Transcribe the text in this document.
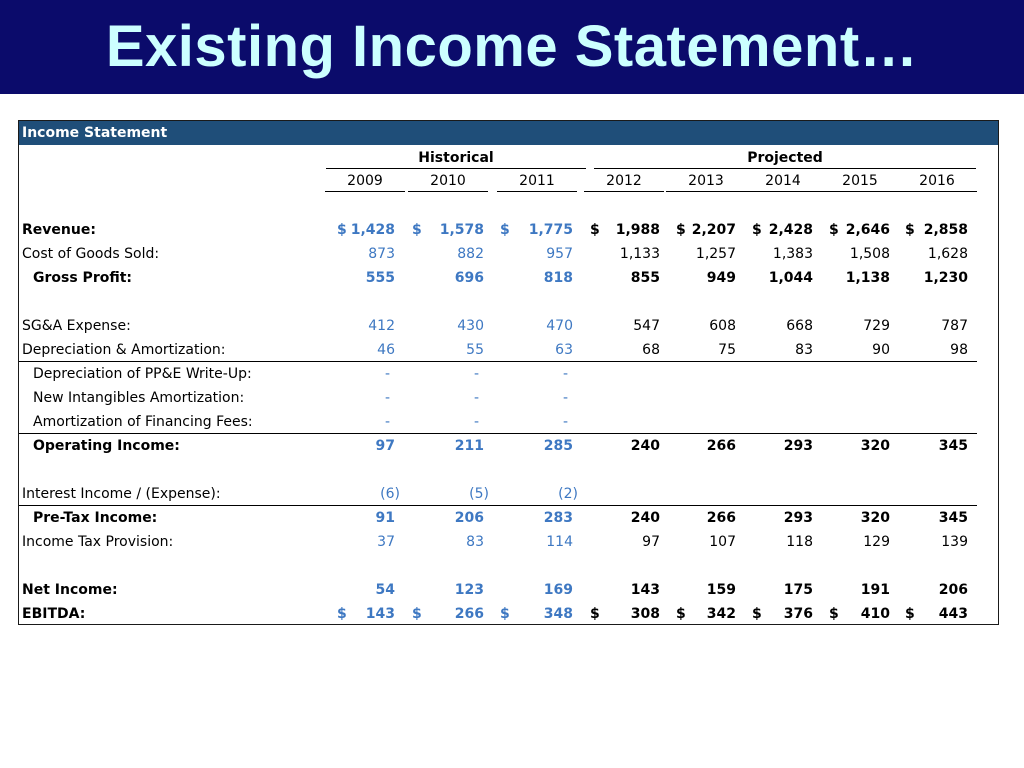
Existing Income Statement…
Income Statement
Historical	Projected
2009	2010	2011	2012	2013	2014	2015	2016
Revenue:	$ 1,428 $ 1,578 $ 1,775 $ 1,988 $ 2,207 $ 2,428 $ 2,646 $ 2,858
Cost of Goods Sold:	873	882	957	1,133	1,257	1,383	1,508	1,628
Gross Profit:	555	696	818	855	949 1,044 1,138 1,230
SG&A Expense:	412	430	470	547	608	668	729	787
Depreciation & Amortization:	46	55	63	68	75	83	90	98
Depreciation of PP&E Write-Up:	-	-	-
New Intangibles Amortization:	-	-	-
Amortization of Financing Fees:	-	-	-
Operating Income:	97	211	285	240	266	293	320	345
Interest Income / (Expense):	(6)	(5)	(2)
Pre-Tax Income:	91	206	283	240	266	293	320	345
Income Tax Provision:	37	83	114	97	107	118	129	139
Net Income:	54	123	169	143	159	175	191	206
EBITDA:	$ 143 $ 266 $ 348 $ 308 $ 342 $ 376 $ 410 $ 443
